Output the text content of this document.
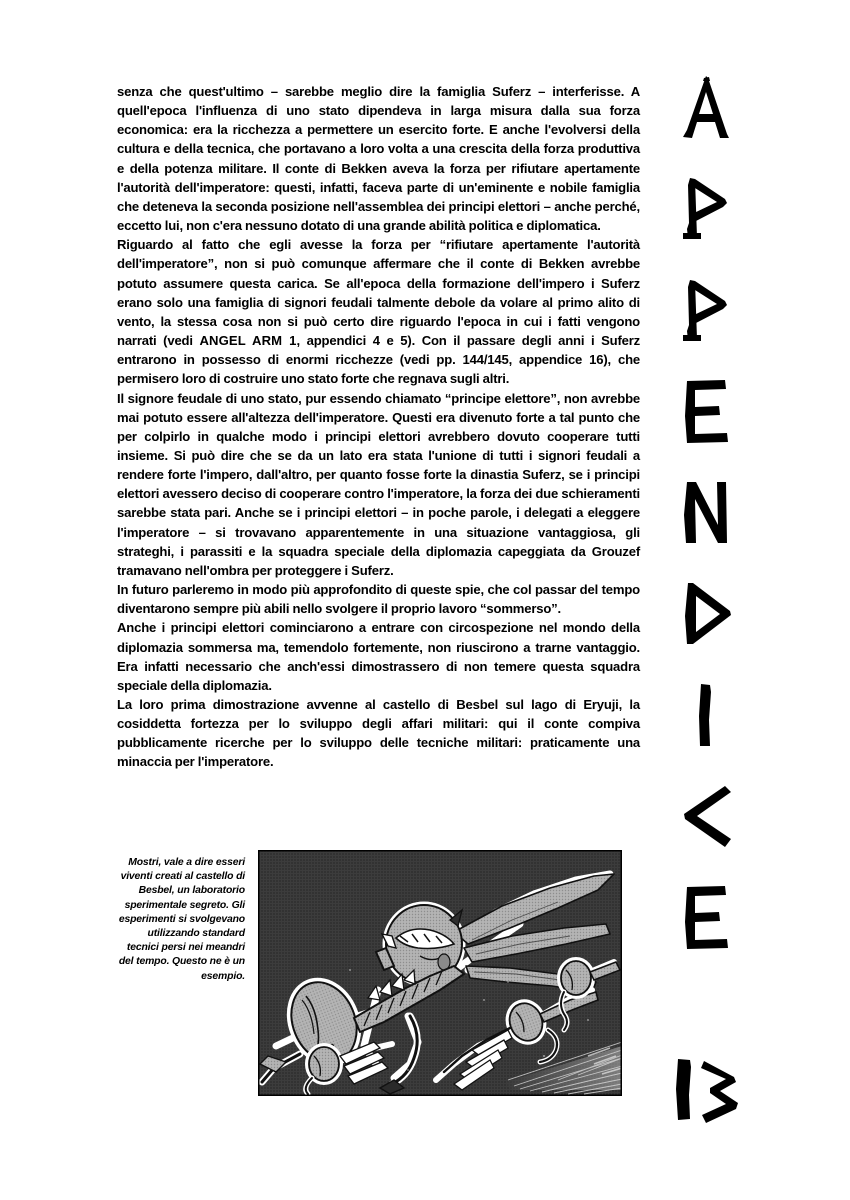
senza che quest'ultimo – sarebbe meglio dire la famiglia Suferz – interferisse. A quell'epoca l'influenza di uno stato dipendeva in larga misura dalla sua forza economica: era la ricchezza a permettere un esercito forte. E anche l'evolversi della cultura e della tecnica, che portavano a loro volta a una crescita della forza produttiva e della potenza militare. Il conte di Bekken aveva la forza per rifiutare apertamente l'autorità dell'imperatore: questi, infatti, faceva parte di un'eminente e nobile famiglia che deteneva la seconda posizione nell'assemblea dei principi elettori – anche perché, eccetto lui, non c'era nessuno dotato di una grande abilità politica e diplomatica.

Riguardo al fatto che egli avesse la forza per “rifiutare apertamente l'autorità dell'imperatore”, non si può comunque affermare che il conte di Bekken avrebbe potuto assumere questa carica. Se all'epoca della formazione dell'impero i Suferz erano solo una famiglia di signori feudali talmente debole da volare al primo alito di vento, la stessa cosa non si può certo dire riguardo l'epoca in cui i fatti vengono narrati (vedi ANGEL ARM 1, appendici 4 e 5). Con il passare degli anni i Suferz entrarono in possesso di enormi ricchezze (vedi pp. 144/145, appendice 16), che permisero loro di costruire uno stato forte che regnava sugli altri.

Il signore feudale di uno stato, pur essendo chiamato “principe elettore”, non avrebbe mai potuto essere all'altezza dell'imperatore. Questi era divenuto forte a tal punto che per colpirlo in qualche modo i principi elettori avrebbero dovuto cooperare tutti insieme. Si può dire che se da un lato era stata l'unione di tutti i signori feudali a rendere forte l'impero, dall'altro, per quanto fosse forte la dinastia Suferz, se i principi elettori avessero deciso di cooperare contro l'imperatore, la forza dei due schieramenti sarebbe stata pari. Anche se i principi elettori – in poche parole, i delegati a eleggere l'imperatore – si trovavano apparentemente in una situazione vantaggiosa, gli strateghi, i parassiti e la squadra speciale della diplomazia capeggiata da Grouzef tramavano nell'ombra per proteggere i Suferz.

In futuro parleremo in modo più approfondito di queste spie, che col passar del tempo diventarono sempre più abili nello svolgere il proprio lavoro “sommerso”.

Anche i principi elettori cominciarono a entrare con circospezione nel mondo della diplomazia sommersa ma, temendolo fortemente, non riuscirono a trarne vantaggio. Era infatti necessario che anch'essi dimostrassero di non temere questa squadra speciale della diplomazia.

La loro prima dimostrazione avvenne al castello di Besbel sul lago di Eryuji, la cosiddetta fortezza per lo sviluppo degli affari militari: qui il conte compiva pubblicamente ricerche per lo sviluppo delle tecniche militari: praticamente una minaccia per l'imperatore.

Mostri, vale a dire esseri viventi creati al castello di Besbel, un laboratorio sperimentale segreto. Gli esperimenti si svolgevano utilizzando standard tecnici persi nei meandri del tempo. Questo ne è un esempio.
